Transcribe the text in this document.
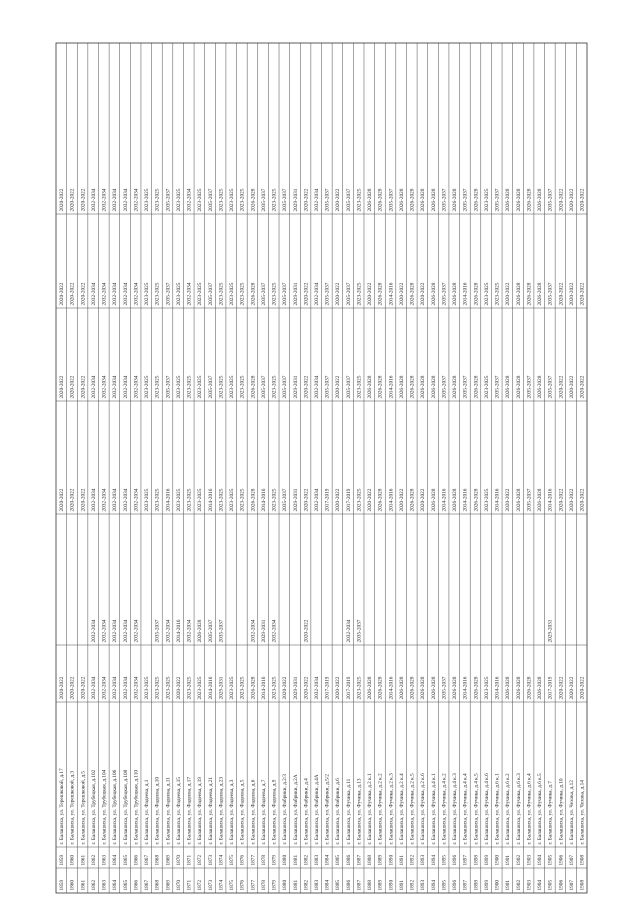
1859
1859
г. Балашиха, ул. Терешковой, д.17
2020-2022
2020-2022
2020-2022
2020-2022
2020-2022
1860
1860
г. Балашиха, ул. Терешковой, д.3
2020-2022
2020-2022
2020-2022
2020-2022
2020-2022
1861
1861
г. Балашиха, ул. Терешковой, д.5
2020-2022
2020-2022
2020-2022
2020-2022
2020-2022
1862
1862
г. Балашиха, ул. Трубецкая, д.102
2032-2034
2032-2034
2032-2034
2032-2034
2032-2034
2032-2034
1863
1863
г. Балашиха, ул. Трубецкая, д.104
2032-2034
2032-2034
2032-2034
2032-2034
2032-2034
2032-2034
1864
1864
г. Балашиха, ул. Трубецкая, д.106
2032-2034
2032-2034
2032-2034
2032-2034
2032-2034
2032-2034
1865
1865
г. Балашиха, ул. Трубецкая, д.108
2032-2034
2032-2034
2032-2034
2032-2034
2032-2034
2032-2034
1866
1866
г. Балашиха, ул. Трубецкая, д.110
2032-2034
2032-2034
2032-2034
2032-2034
2032-2034
2032-2034
1867
1867
г. Балашиха, ул. Фадеева, д.1
2023-2025
2023-2025
2023-2025
2023-2025
2023-2025
1868
1868
г. Балашиха, ул. Фадеева, д.10
2023-2025
2035-2037
2023-2025
2023-2025
2023-2025
2023-2025
1869
1869
г. Балашиха, ул. Фадеева, д.11
2023-2025
2032-2034
2014-2016
2035-2037
2035-2037
2035-2037
1870
1870
г. Балашиха, ул. Фадеева, д.15
2020-2022
2014-2016
2023-2025
2023-2025
2023-2025
2023-2025
1871
1871
г. Балашиха, ул. Фадеева, д.17
2023-2025
2032-2034
2023-2025
2023-2025
2032-2034
2032-2034
1872
1872
г. Балашиха, ул. Фадеева, д.19
2023-2025
2026-2028
2023-2025
2023-2025
2023-2025
2023-2025
1873
1873
г. Балашиха, ул. Фадеева, д.21
2014-2016
2035-2037
2014-2016
2035-2037
2035-2037
2035-2037
1874
1874
г. Балашиха, ул. Фадеева, д.23
2029-2031
2035-2037
2023-2025
2023-2025
2023-2025
2023-2025
1875
1875
г. Балашиха, ул. Фадеева, д.3
2023-2025
2023-2025
2023-2025
2023-2025
2023-2025
1876
1876
г. Балашиха, ул. Фадеева, д.5
2023-2025
2023-2025
2023-2025
2023-2025
2023-2025
1877
1877
г. Балашиха, ул. Фадеева, д.6
2026-2028
2032-2034
2026-2028
2026-2028
2026-2028
2026-2028
1878
1878
г. Балашиха, ул. Фадеева, д.7
2014-2016
2029-2031
2014-2016
2035-2037
2035-2037
2035-2037
1879
1879
г. Балашиха, ул. Фадеева, д.9
2023-2025
2032-2034
2023-2025
2023-2025
2023-2025
2023-2025
1880
1880
г. Балашиха, ул. Фабрики, д.2/3
2020-2022
2035-2037
2035-2037
2035-2037
2035-2037
1881
1881
г. Балашиха, ул. Фабрики, д.2А
2029-2031
2029-2031
2029-2031
2029-2031
2029-2031
1882
1882
г. Балашиха, ул. Фабрики, д.4
2020-2022
2020-2022
2020-2022
2020-2022
2020-2022
2020-2022
1883
1883
г. Балашиха, ул. Фабрики, д.4А
2032-2034
2032-2034
2032-2034
2032-2034
2032-2034
1884
1884
г. Балашиха, ул. Фабрики, д.5/2
2017-2019
2017-2019
2035-2037
2035-2037
2035-2037
1885
1885
г. Балашиха, ул. Фабрики, д.6
2020-2022
2020-2022
2020-2022
2020-2022
2020-2022
1886
1886
г. Балашиха, ул. Фучика, д.11
2017-2019
2032-2034
2017-2019
2035-2037
2035-2037
2035-2037
1887
1887
г. Балашиха, ул. Фучика, д.13
2023-2025
2035-2037
2023-2025
2023-2025
2023-2025
2023-2025
1888
1888
г. Балашиха, ул. Фучика, д.2 к.1
2026-2028
2020-2022
2026-2028
2020-2022
2026-2028
1889
1889
г. Балашиха, ул. Фучика, д.2 к.2
2026-2028
2026-2028
2026-2028
2026-2028
2026-2028
1890
1890
г. Балашиха, ул. Фучика, д.2 к.3
2014-2016
2014-2016
2014-2016
2014-2016
2035-2037
1891
1891
г. Балашиха, ул. Фучика, д.2 к.4
2026-2028
2020-2022
2026-2028
2020-2022
2026-2028
1892
1892
г. Балашиха, ул. Фучика, д.2 к.5
2026-2028
2026-2028
2026-2028
2026-2028
2026-2028
1893
1893
г. Балашиха, ул. Фучика, д.2 к.6
2026-2028
2020-2022
2026-2028
2020-2022
2026-2028
1894
1894
г. Балашиха, ул. Фучика, д.4 к.1
2026-2028
2026-2028
2026-2028
2026-2028
2026-2028
1895
1895
г. Балашиха, ул. Фучика, д.4 к.2
2035-2037
2014-2016
2035-2037
2035-2037
2035-2037
1896
1896
г. Балашиха, ул. Фучика, д.4 к.3
2026-2028
2026-2028
2026-2028
2026-2028
2026-2028
1897
1897
г. Балашиха, ул. Фучика, д.4 к.4
2014-2016
2014-2016
2035-2037
2014-2016
2035-2037
1898
1898
г. Балашиха, ул. Фучика, д.4 к.5
2026-2028
2026-2028
2026-2028
2026-2028
2026-2028
1899
1899
г. Балашиха, ул. Фучика, д.4 к.6
2023-2025
2023-2025
2023-2025
2023-2025
2023-2025
1900
1900
г. Балашиха, ул. Фучика, д.6 к.1
2014-2016
2014-2016
2035-2037
2023-2025
2035-2037
1901
1901
г. Балашиха, ул. Фучика, д.6 к.2
2026-2028
2020-2022
2026-2028
2020-2022
2026-2028
1902
1902
г. Балашиха, ул. Фучика, д.6 к.3
2026-2028
2026-2028
2026-2028
2026-2028
2026-2028
1903
1903
г. Балашиха, ул. Фучика, д.6 к.4
2026-2028
2035-2037
2035-2037
2026-2028
2026-2028
1904
1904
г. Балашиха, ул. Фучика, д.6 к.5
2026-2028
2026-2028
2026-2028
2026-2028
2026-2028
1905
1905
г. Балашиха, ул. Фучика, д.7
2017-2019
2029-2031
2014-2016
2035-2037
2035-2037
2035-2037
1906
1906
г. Балашиха, ул. Фучика, д.10
2020-2022
2020-2022
2020-2022
2020-2022
2020-2022
1907
1907
г. Балашиха, ул. Чехова, д.12
2020-2022
2020-2022
2020-2022
2020-2022
2020-2022
1908
1908
г. Балашиха, ул. Чехова, д.14
2020-2022
2020-2022
2020-2022
2020-2022
2020-2022
